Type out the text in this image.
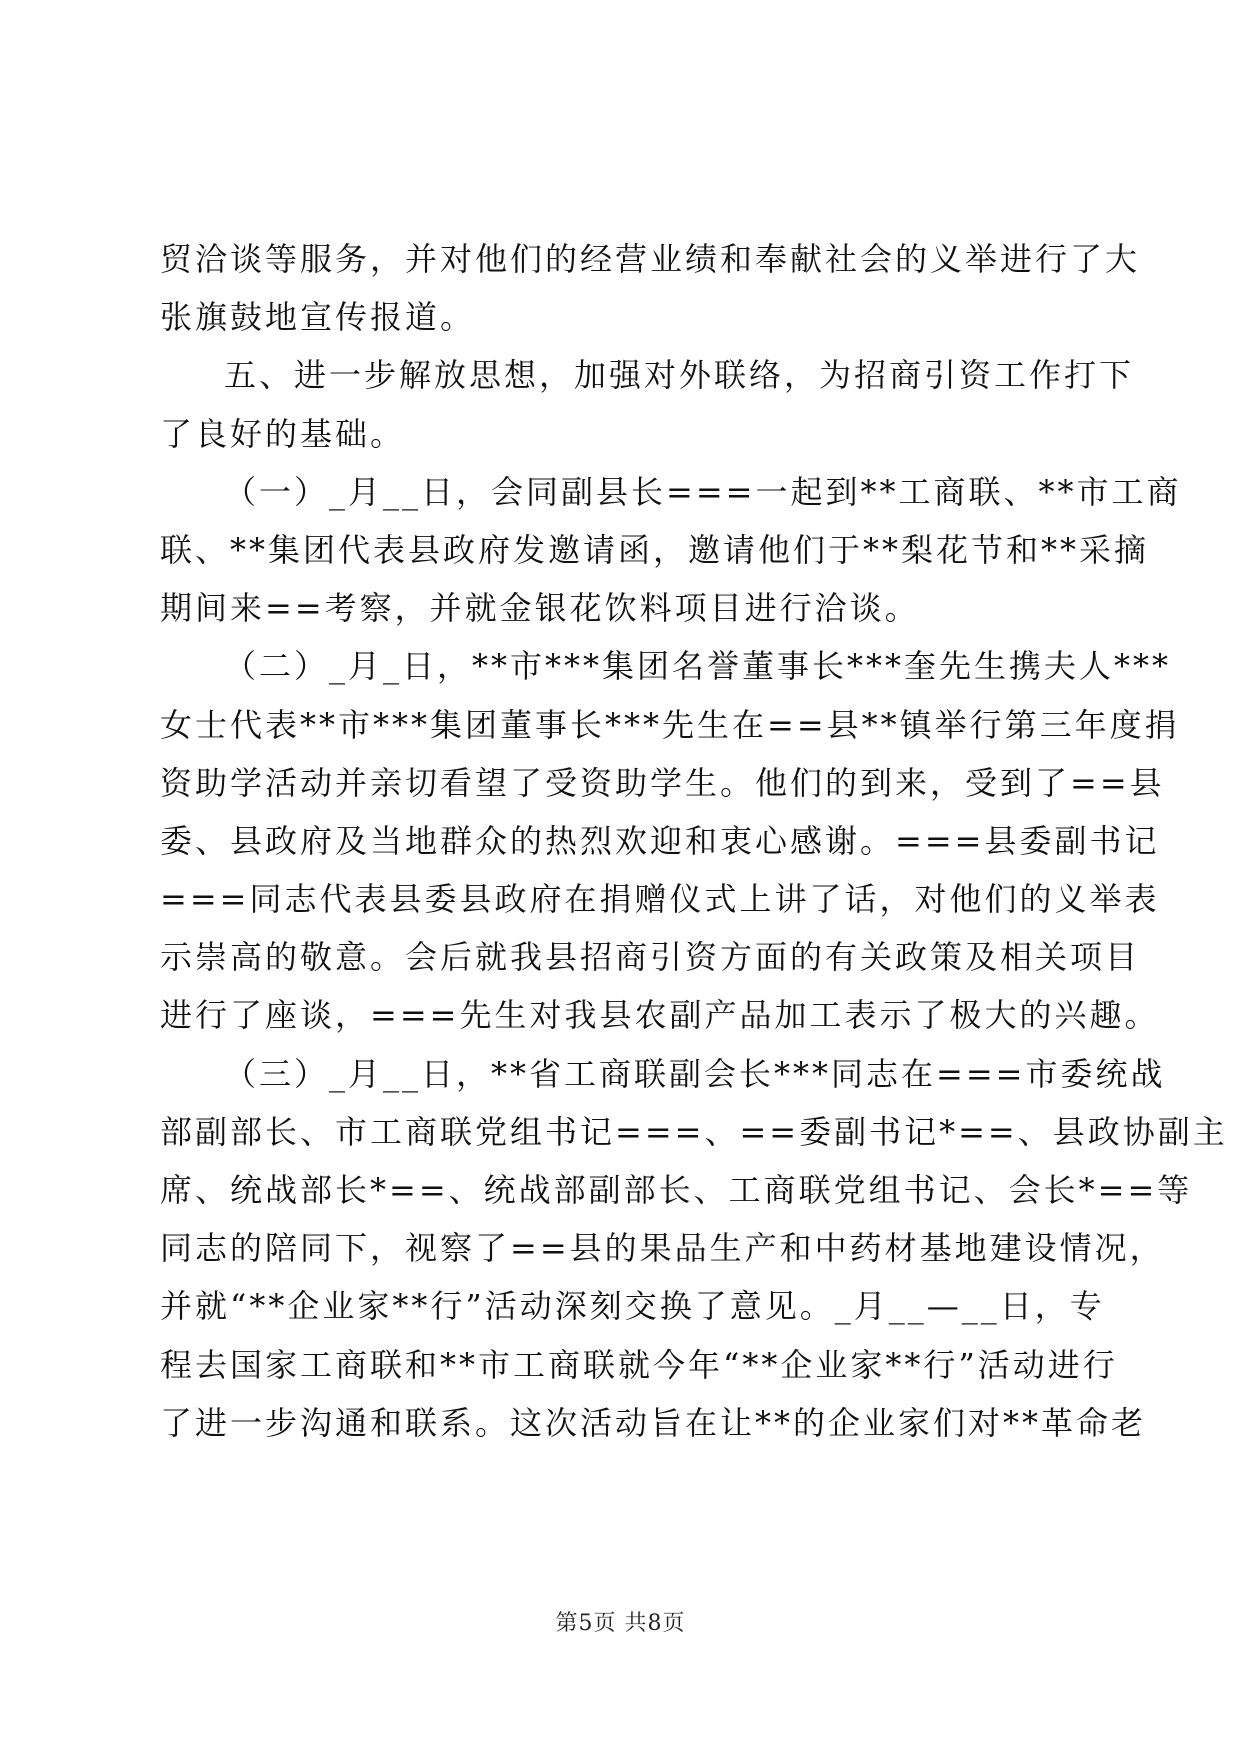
贸洽谈等服务，并对他们的经营业绩和奉献社会的义举进行了大
张旗鼓地宣传报道。
五、进一步解放思想，加强对外联络，为招商引资工作打下
了良好的基础。
（一）_月__日，会同副县长===一起到**工商联、**市工商
联、**集团代表县政府发邀请函，邀请他们于**梨花节和**采摘
期间来==考察，并就金银花饮料项目进行洽谈。
（二）_月_日，**市***集团名誉董事长***奎先生携夫人***
女士代表**市***集团董事长***先生在==县**镇举行第三年度捐
资助学活动并亲切看望了受资助学生。他们的到来，受到了==县
委、县政府及当地群众的热烈欢迎和衷心感谢。===县委副书记
===同志代表县委县政府在捐赠仪式上讲了话，对他们的义举表
示崇高的敬意。会后就我县招商引资方面的有关政策及相关项目
进行了座谈，===先生对我县农副产品加工表示了极大的兴趣。
（三）_月__日，**省工商联副会长***同志在===市委统战
部副部长、市工商联党组书记===、==委副书记*==、县政协副主
席、统战部长*==、统战部副部长、工商联党组书记、会长*==等
同志的陪同下，视察了==县的果品生产和中药材基地建设情况，
并就“**企业家**行”活动深刻交换了意见。_月__—__日，专
程去国家工商联和**市工商联就今年“**企业家**行”活动进行
了进一步沟通和联系。这次活动旨在让**的企业家们对**革命老
第5页 共8页
